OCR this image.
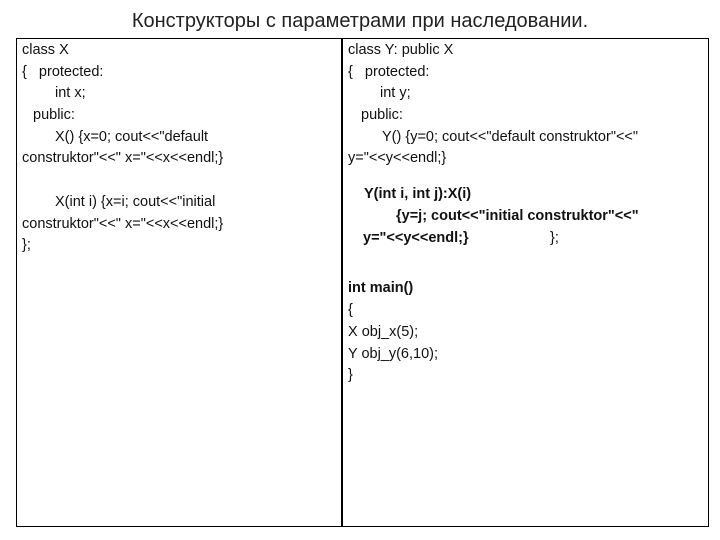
Конструкторы с параметрами при наследовании.
class X
{   protected:
int x;
public:
X() {x=0; cout<<"default
construktor"<<" x="<<x<<endl;}
X(int i) {x=i; cout<<"initial
construktor"<<" x="<<x<<endl;}
};
class Y: public X
{   protected:
int y;
public:
Y() {y=0; cout<<"default construktor"<<"
y="<<y<<endl;}
Y(int i, int j):X(i)
{y=j; cout<<"initial construktor"<<"
y="<<y<<endl;}	};
int main()
{
X obj_x(5);
Y obj_y(6,10);
}
